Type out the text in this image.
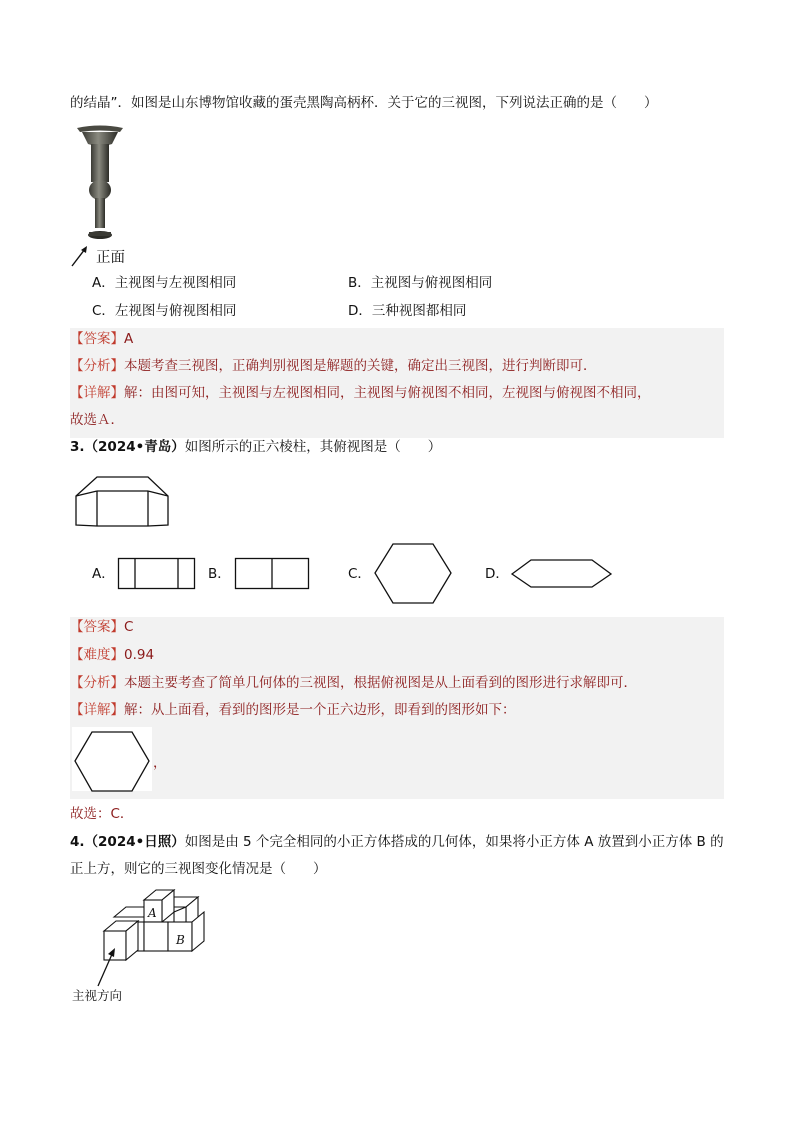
的结晶”．如图是山东博物馆收藏的蛋壳黑陶高柄杯．关于它的三视图，下列说法正确的是（　　）
正面
A．主视图与左视图相同	B．主视图与俯视图相同
C．左视图与俯视图相同	D．三种视图都相同
【答案】A
【分析】本题考查三视图，正确判别视图是解题的关键，确定出三视图，进行判断即可．
【详解】解：由图可知，主视图与左视图相同，主视图与俯视图不相同，左视图与俯视图不相同，
故选Ａ．
3.（2024•青岛）如图所示的正六棱柱，其俯视图是（　　）
A．	B．	C．	D．
【答案】C
【难度】0.94
【分析】本题主要考查了简单几何体的三视图，根据俯视图是从上面看到的图形进行求解即可．
【详解】解：从上面看，看到的图形是一个正六边形，即看到的图形如下：
，
故选：C．
4.（2024•日照）如图是由 5 个完全相同的小正方体搭成的几何体，如果将小正方体 A 放置到小正方体 B 的
正上方，则它的三视图变化情况是（　　）
A
B
主视方向
